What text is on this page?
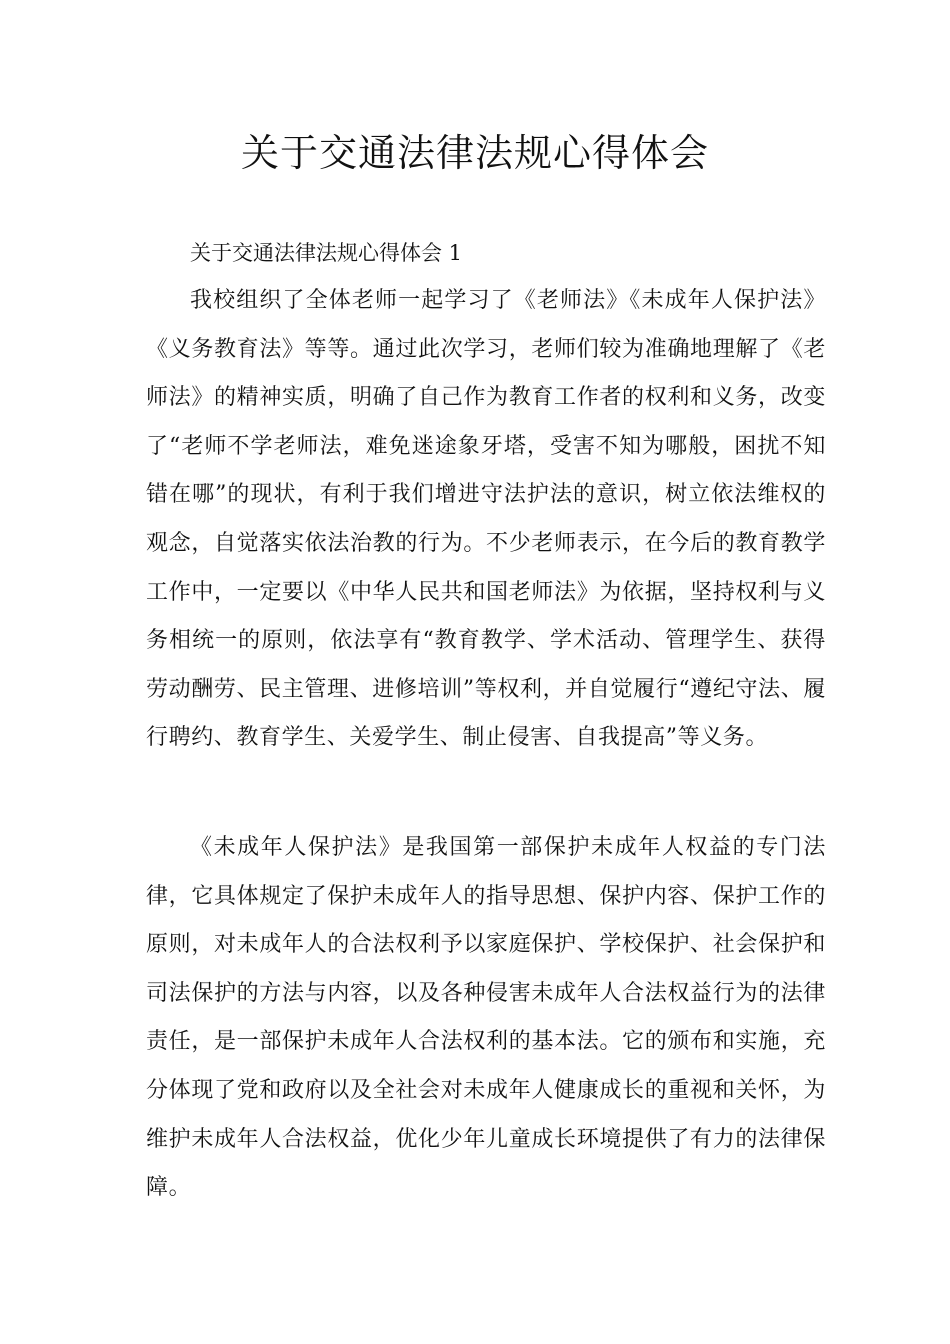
关于交通法律法规心得体会

关于交通法律法规心得体会 1

我校组织了全体老师一起学习了《老师法》《未成年人保护法》《义务教育法》等等。通过此次学习，老师们较为准确地理解了《老师法》的精神实质，明确了自己作为教育工作者的权利和义务，改变了“老师不学老师法，难免迷途象牙塔，受害不知为哪般，困扰不知错在哪”的现状，有利于我们增进守法护法的意识，树立依法维权的观念，自觉落实依法治教的行为。不少老师表示，在今后的教育教学工作中，一定要以《中华人民共和国老师法》为依据，坚持权利与义务相统一的原则，依法享有“教育教学、学术活动、管理学生、获得劳动酬劳、民主管理、进修培训”等权利，并自觉履行“遵纪守法、履行聘约、教育学生、关爱学生、制止侵害、自我提高”等义务。

《未成年人保护法》是我国第一部保护未成年人权益的专门法律，它具体规定了保护未成年人的指导思想、保护内容、保护工作的原则，对未成年人的合法权利予以家庭保护、学校保护、社会保护和司法保护的方法与内容，以及各种侵害未成年人合法权益行为的法律责任，是一部保护未成年人合法权利的基本法。它的颁布和实施，充分体现了党和政府以及全社会对未成年人健康成长的重视和关怀，为维护未成年人合法权益，优化少年儿童成长环境提供了有力的法律保障。
